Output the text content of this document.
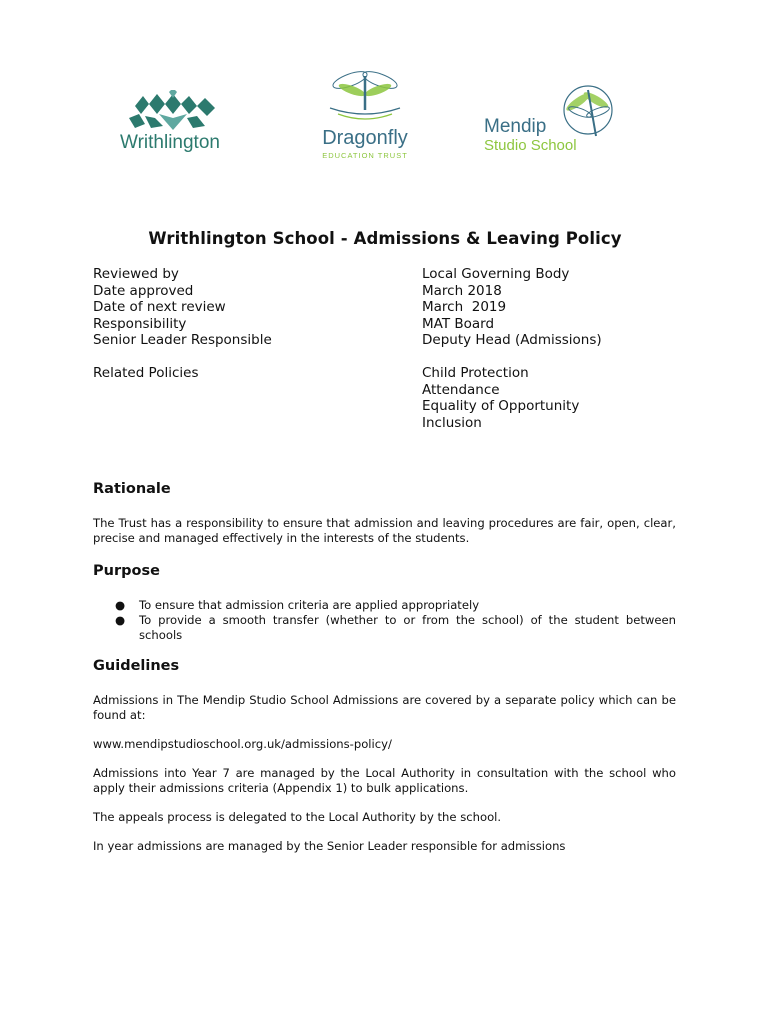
Writhlington	Dragonfly
EDUCATION TRUST
Mendip
Studio School
Writhlington School - Admissions & Leaving Policy
Reviewed by	Local Governing Body
Date approved	March 2018
Date of next review	March  2019
Responsibility	MAT Board
Senior Leader Responsible	Deputy Head (Admissions)
Related Policies	Child Protection
Attendance
Equality of Opportunity
Inclusion
Rationale

The Trust has a responsibility to ensure that admission and leaving procedures are fair, open, clear, precise and managed effectively in the interests of the students.

Purpose
● To ensure that admission criteria are applied appropriately
● To provide a smooth transfer (whether to or from the school) of the student between schools
Guidelines

Admissions in The Mendip Studio School Admissions are covered by a separate policy which can be found at:

www.mendipstudioschool.org.uk/admissions-policy/

Admissions into Year 7 are managed by the Local Authority in consultation with the school who apply their admissions criteria (Appendix 1) to bulk applications.

The appeals process is delegated to the Local Authority by the school.

In year admissions are managed by the Senior Leader responsible for admissions
